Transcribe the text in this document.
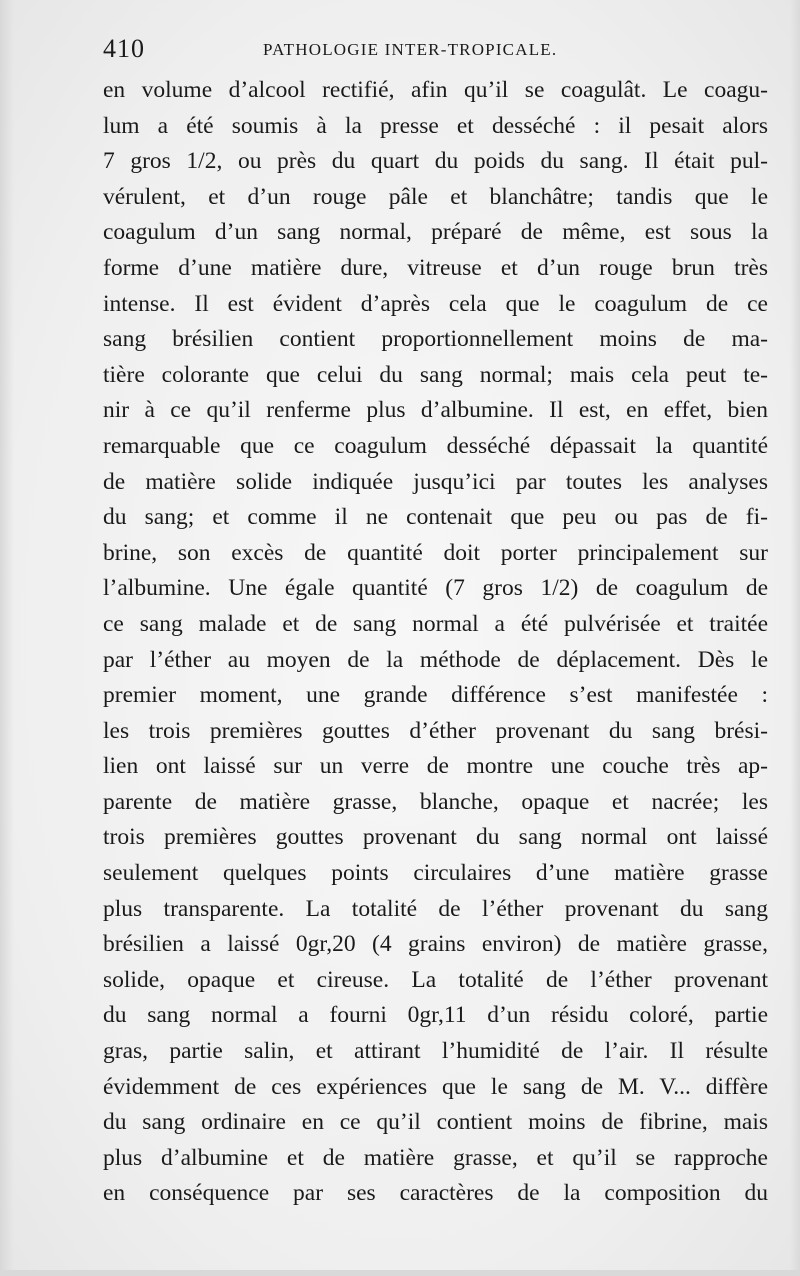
410	PATHOLOGIE INTER-TROPICALE.
en volume d’alcool rectifié, afin qu’il se coagulât. Le coagu-
lum a été soumis à la presse et desséché : il pesait alors
7 gros 1/2, ou près du quart du poids du sang. Il était pul-
vérulent, et d’un rouge pâle et blanchâtre; tandis que le
coagulum d’un sang normal, préparé de même, est sous la
forme d’une matière dure, vitreuse et d’un rouge brun très
intense. Il est évident d’après cela que le coagulum de ce
sang brésilien contient proportionnellement moins de ma-
tière colorante que celui du sang normal; mais cela peut te-
nir à ce qu’il renferme plus d’albumine. Il est, en effet, bien
remarquable que ce coagulum desséché dépassait la quantité
de matière solide indiquée jusqu’ici par toutes les analyses
du sang; et comme il ne contenait que peu ou pas de fi-
brine, son excès de quantité doit porter principalement sur
l’albumine. Une égale quantité (7 gros 1/2) de coagulum de
ce sang malade et de sang normal a été pulvérisée et traitée
par l’éther au moyen de la méthode de déplacement. Dès le
premier moment, une grande différence s’est manifestée :
les trois premières gouttes d’éther provenant du sang brési-
lien ont laissé sur un verre de montre une couche très ap-
parente de matière grasse, blanche, opaque et nacrée; les
trois premières gouttes provenant du sang normal ont laissé
seulement quelques points circulaires d’une matière grasse
plus transparente. La totalité de l’éther provenant du sang
brésilien a laissé 0gr,20 (4 grains environ) de matière grasse,
solide, opaque et cireuse. La totalité de l’éther provenant
du sang normal a fourni 0gr,11 d’un résidu coloré, partie
gras, partie salin, et attirant l’humidité de l’air. Il résulte
évidemment de ces expériences que le sang de M. V... diffère
du sang ordinaire en ce qu’il contient moins de fibrine, mais
plus d’albumine et de matière grasse, et qu’il se rapproche
en conséquence par ses caractères de la composition du
